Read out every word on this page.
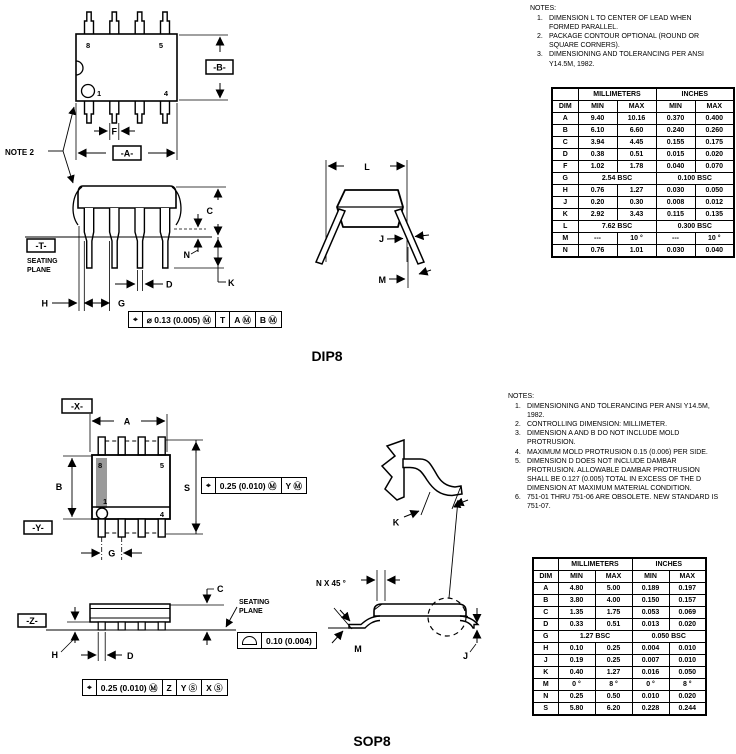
8	5
1	4
-B-
-A-
F
NOTE 2
-T-
SEATING
PLANE
C
N
K
D
H	G
L
J
M
-X-
A
B
-Y-
S
G
8	5
1
4
-Z-
H	D
C
SEATING
PLANE
K
N X 45 °
M
J
⌖	⌀ 0.13 (0.005) Ⓜ	T	A Ⓜ	B Ⓜ
⌖	0.25 (0.010) Ⓜ	Y Ⓜ
0.10 (0.004)
⌖	0.25 (0.010) Ⓜ	Z	Y Ⓢ	X Ⓢ
NOTES:
1. DIMENSION L TO CENTER OF LEAD WHEN FORMED PARALLEL.
2. PACKAGE CONTOUR OPTIONAL (ROUND OR SQUARE CORNERS).
3. DIMENSIONING AND TOLERANCING PER ANSI Y14.5M, 1982.
	MILLIMETERS		INCHES	
DIM	MIN	MAX	MIN	MAX
A	9.40	10.16	0.370	0.400
B	6.10	6.60	0.240	0.260
C	3.94	4.45	0.155	0.175
D	0.38	0.51	0.015	0.020
F	1.02	1.78	0.040	0.070
G	2.54 BSC		0.100 BSC	
H	0.76	1.27	0.030	0.050
J	0.20	0.30	0.008	0.012
K	2.92	3.43	0.115	0.135
L	7.62 BSC		0.300 BSC	
M	---	10 °	---	10 °
N	0.76	1.01	0.030	0.040
NOTES:
1. DIMENSIONING AND TOLERANCING PER ANSI Y14.5M, 1982.
2. CONTROLLING DIMENSION: MILLIMETER.
3. DIMENSION A AND B DO NOT INCLUDE MOLD PROTRUSION.
4. MAXIMUM MOLD PROTRUSION 0.15 (0.006) PER SIDE.
5. DIMENSION D DOES NOT INCLUDE DAMBAR PROTRUSION. ALLOWABLE DAMBAR PROTRUSION SHALL BE 0.127 (0.005) TOTAL IN EXCESS OF THE D DIMENSION AT MAXIMUM MATERIAL CONDITION.
6. 751-01 THRU 751-06 ARE OBSOLETE. NEW STANDARD IS 751-07.
	MILLIMETERS		INCHES	
DIM	MIN	MAX	MIN	MAX
A	4.80	5.00	0.189	0.197
B	3.80	4.00	0.150	0.157
C	1.35	1.75	0.053	0.069
D	0.33	0.51	0.013	0.020
G	1.27 BSC		0.050 BSC	
H	0.10	0.25	0.004	0.010
J	0.19	0.25	0.007	0.010
K	0.40	1.27	0.016	0.050
M	0 °	8 °	0 °	8 °
N	0.25	0.50	0.010	0.020
S	5.80	6.20	0.228	0.244
DIP8
SOP8
